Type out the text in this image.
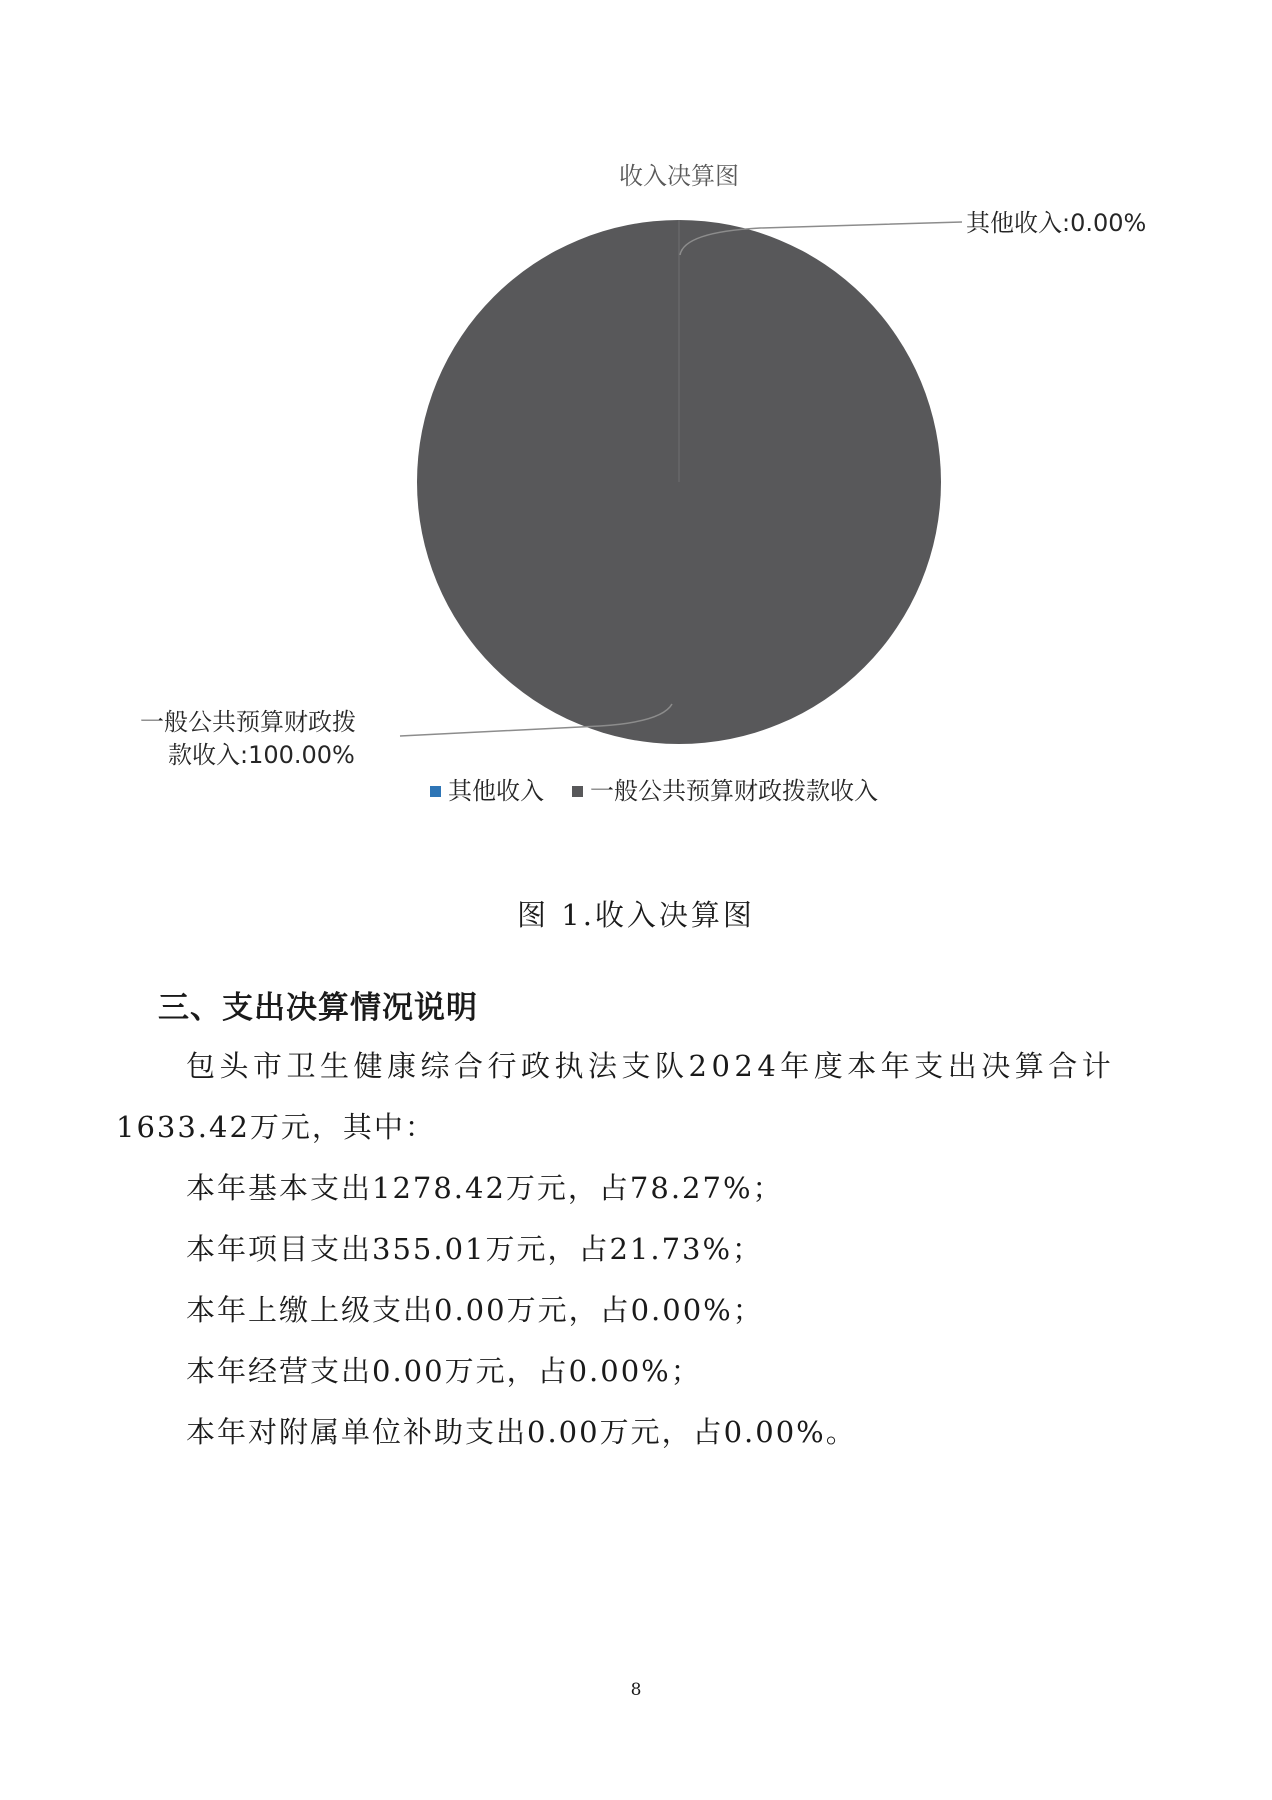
收入决算图
其他收入:0.00%
一般公共预算财政拨
款收入:100.00%
其他收入 一般公共预算财政拨款收入
图 1.收入决算图
三、支出决算情况说明
包头市卫生健康综合行政执法支队2024年度本年支出决算合计
1633.42万元，其中：
本年基本支出1278.42万元，占78.27%；
本年项目支出355.01万元，占21.73%；
本年上缴上级支出0.00万元，占0.00%；
本年经营支出0.00万元，占0.00%；
本年对附属单位补助支出0.00万元，占0.00%。
8
